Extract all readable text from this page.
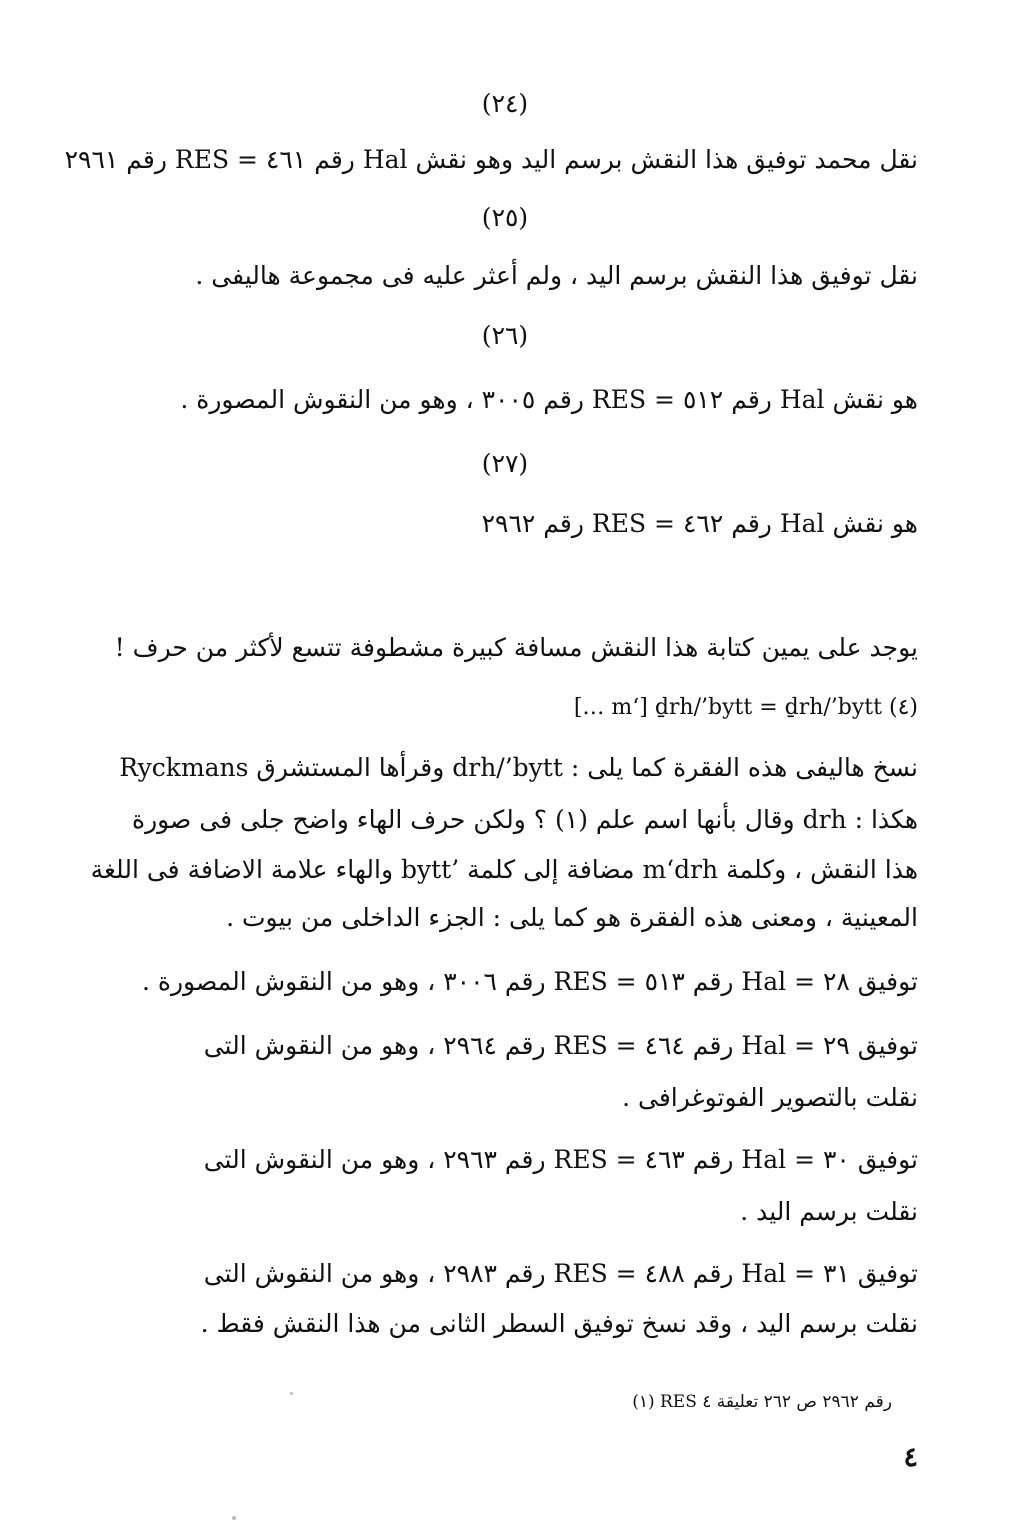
(٢٤)
نقل محمد توفيق هذا النقش برسم اليد وهو نقش Hal رقم ٤٦١ = RES رقم ٢٩٦١
(٢٥)
نقل توفيق هذا النقش برسم اليد ، ولم أعثر عليه فى مجموعة هاليفى .
(٢٦)
هو نقش Hal رقم ٥١٢ = RES رقم ٣٠٠٥ ، وهو من النقوش المصورة .
(٢٧)
هو نقش Hal رقم ٤٦٢ = RES رقم ٢٩٦٢
يوجد على يمين كتابة هذا النقش مسافة كبيرة مشطوفة تتسع لأكثر من حرف !
[… m‘] ḏrh/’bytt = ḏrh/’bytt (٤)
نسخ هاليفى هذه الفقرة كما يلى : drh/’bytt وقرأها المستشرق Ryckmans
هكذا : drh وقال بأنها اسم علم (١) ؟ ولكن حرف الهاء واضح جلى فى صورة
هذا النقش ، وكلمة m‘drh مضافة إلى كلمة ’bytt والهاء علامة الاضافة فى اللغة
المعينية ، ومعنى هذه الفقرة هو كما يلى : الجزء الداخلى من بيوت .
توفيق ٢٨ = Hal رقم ٥١٣ = RES رقم ٣٠٠٦ ، وهو من النقوش المصورة .
توفيق ٢٩ = Hal رقم ٤٦٤ = RES رقم ٢٩٦٤ ، وهو من النقوش التى
نقلت بالتصوير الفوتوغرافى .
توفيق ٣٠ = Hal رقم ٤٦٣ = RES رقم ٢٩٦٣ ، وهو من النقوش التى
نقلت برسم اليد .
توفيق ٣١ = Hal رقم ٤٨٨ = RES رقم ٢٩٨٣ ، وهو من النقوش التى
نقلت برسم اليد ، وقد نسخ توفيق السطر الثانى من هذا النقش فقط .
(١) RES رقم ٢٩٦٢ ص ٢٦٢ تعليقة ٤
٤
